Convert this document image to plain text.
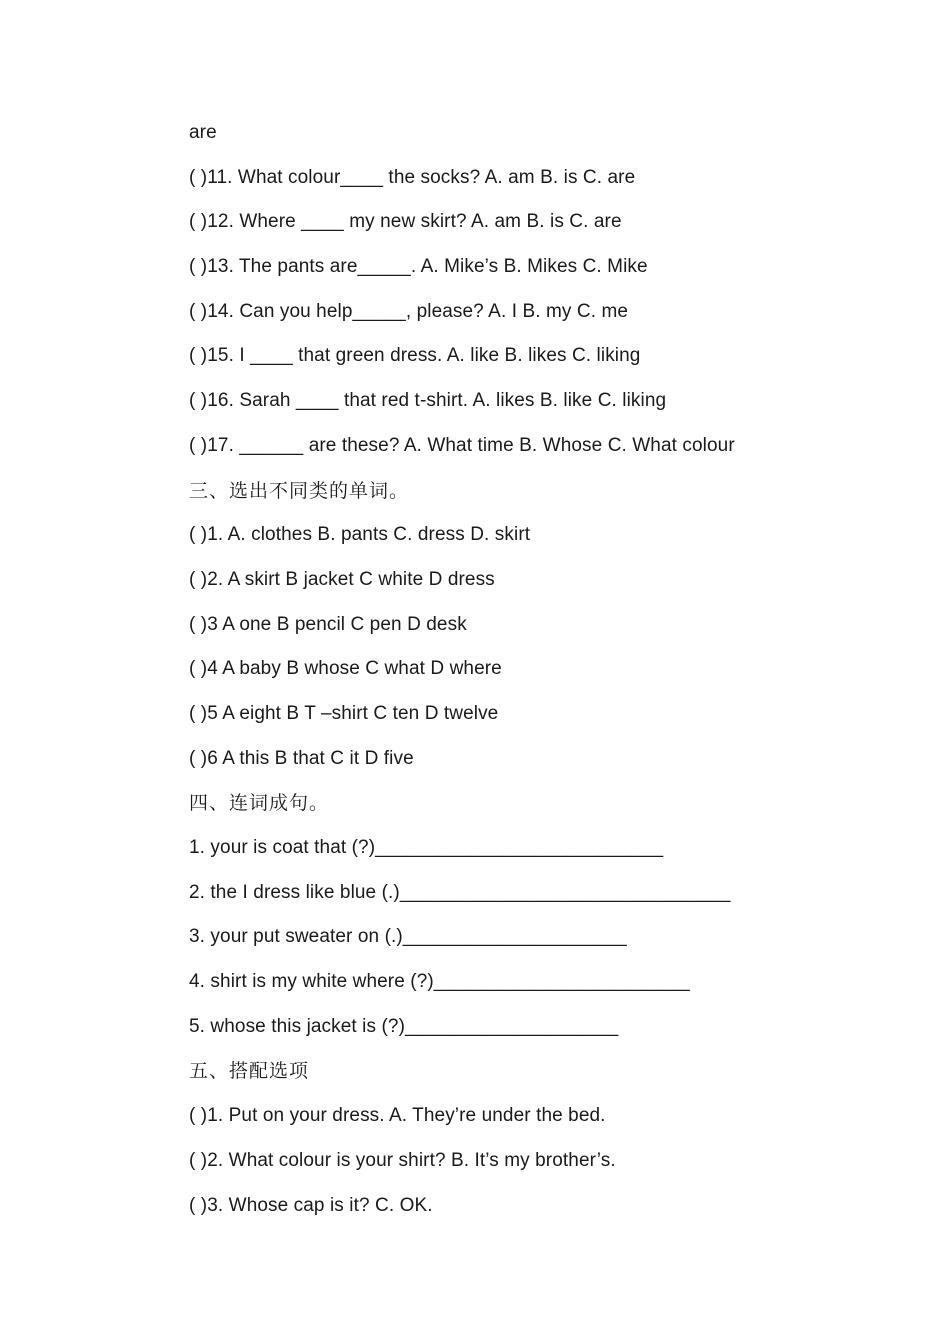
are
( )11. What colour____ the socks? A. am B. is C. are
( )12. Where ____ my new skirt? A. am B. is C. are
( )13. The pants are_____. A. Mike’s B. Mikes C. Mike
( )14. Can you help_____, please? A. I B. my C. me
( )15. I ____ that green dress. A. like B. likes C. liking
( )16. Sarah ____ that red t-shirt. A. likes B. like C. liking
( )17. ______ are these? A. What time B. Whose C. What colour
三、选出不同类的单词。
( )1. A. clothes B. pants C. dress D. skirt
( )2. A skirt B jacket C white D dress
( )3 A one B pencil C pen D desk
( )4 A baby B whose C what D where
( )5 A eight B T –shirt C ten D twelve
( )6 A this B that C it D five
四、连词成句。
1. your is coat that (?)___________________________
2. the I dress like blue (.)_______________________________
3. your put sweater on (.)_____________________
4. shirt is my white where (?)________________________
5. whose this jacket is (?)____________________
五、搭配选项
( )1. Put on your dress. A. They’re under the bed.
( )2. What colour is your shirt? B. It’s my brother’s.
( )3. Whose cap is it? C. OK.
